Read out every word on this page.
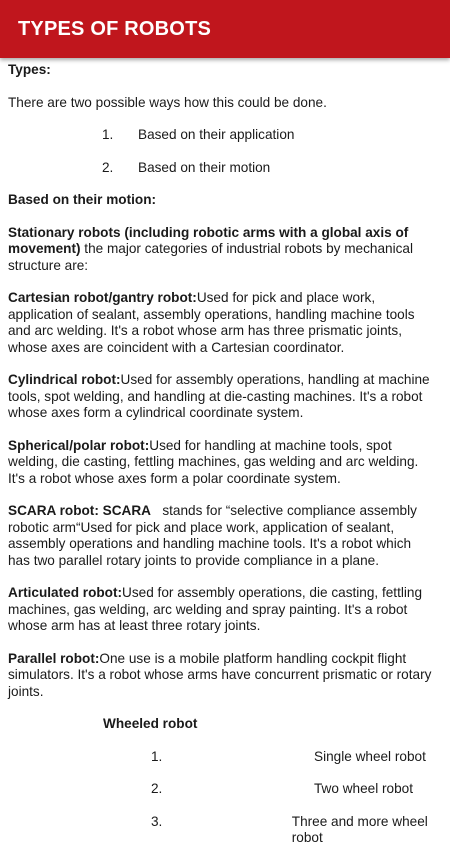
TYPES OF ROBOTS

Types:

There are two possible ways how this could be done.

1.	Based on their application
2.	Based on their motion

Based on their motion:

Stationary robots (including robotic arms with a global axis of movement) the major categories of industrial robots by mechanical structure are:

Cartesian robot/gantry robot:Used for pick and place work, application of sealant, assembly operations, handling machine tools and arc welding. It's a robot whose arm has three prismatic joints, whose axes are coincident with a Cartesian coordinator.

Cylindrical robot:Used for assembly operations, handling at machine tools, spot welding, and handling at die-casting machines. It's a robot whose axes form a cylindrical coordinate system.

Spherical/polar robot:Used for handling at machine tools, spot welding, die casting, fettling machines, gas welding and arc welding. It's a robot whose axes form a polar coordinate system.

SCARA robot: SCARA   stands for “selective compliance assembly robotic arm“Used for pick and place work, application of sealant, assembly operations and handling machine tools. It's a robot which has two parallel rotary joints to provide compliance in a plane.

Articulated robot:Used for assembly operations, die casting, fettling machines, gas welding, arc welding and spray painting. It's a robot whose arm has at least three rotary joints.

Parallel robot:One use is a mobile platform handling cockpit flight simulators. It's a robot whose arms have concurrent prismatic or rotary joints.

Wheeled robot

1.	Single wheel robot
2.	Two wheel robot
3.	Three and more wheel robot
